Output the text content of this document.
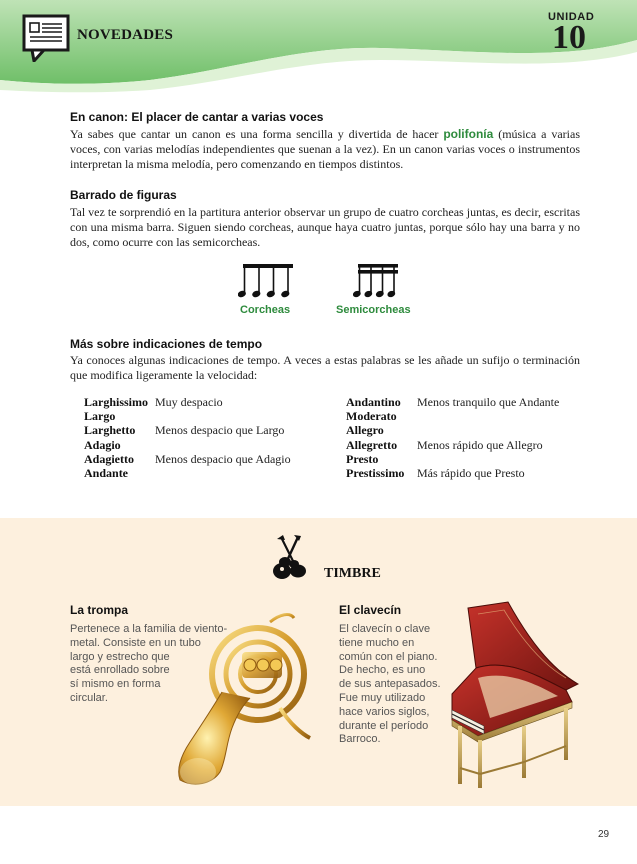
NOVEDADES
UNIDAD
10
En canon: El placer de cantar a varias voces

Ya sabes que cantar un canon es una forma sencilla y divertida de hacer polifonía (música a varias voces, con varias melodías independientes que suenan a la vez). En un canon varias voces o instrumentos interpretan la misma melodía, pero comenzando en tiempos distintos.

Barrado de figuras

Tal vez te sorprendió en la partitura anterior observar un grupo de cuatro corcheas juntas, es decir, escritas con una misma barra. Siguen siendo corcheas, aunque haya cuatro juntas, porque sólo hay una barra y no dos, como ocurre con las semicorcheas.

Corcheas	Semicorcheas
Más sobre indicaciones de tempo

Ya conoces algunas indicaciones de tempo. A veces a estas palabras se les añade un sufijo o terminación que modifica ligeramente la velocidad:

Larghissimo Muy despacio
Largo
Larghetto	Menos despacio que Largo
Adagio
Adagietto	Menos despacio que Adagio
Andante
Andantino	Menos tranquilo que Andante
Moderato
Allegro
Allegretto	Menos rápido que Allegro
Presto
Prestissimo	Más rápido que Presto
TIMBRE
La trompa
Pertenece a la familia de viento-
metal. Consiste en un tubo
largo y estrecho que
está enrollado sobre
sí mismo en forma
circular.
El clavecín
El clavecín o clave
tiene mucho en
común con el piano.
De hecho, es uno
de sus antepasados.
Fue muy utilizado
hace varios siglos,
durante el período
Barroco.
29
